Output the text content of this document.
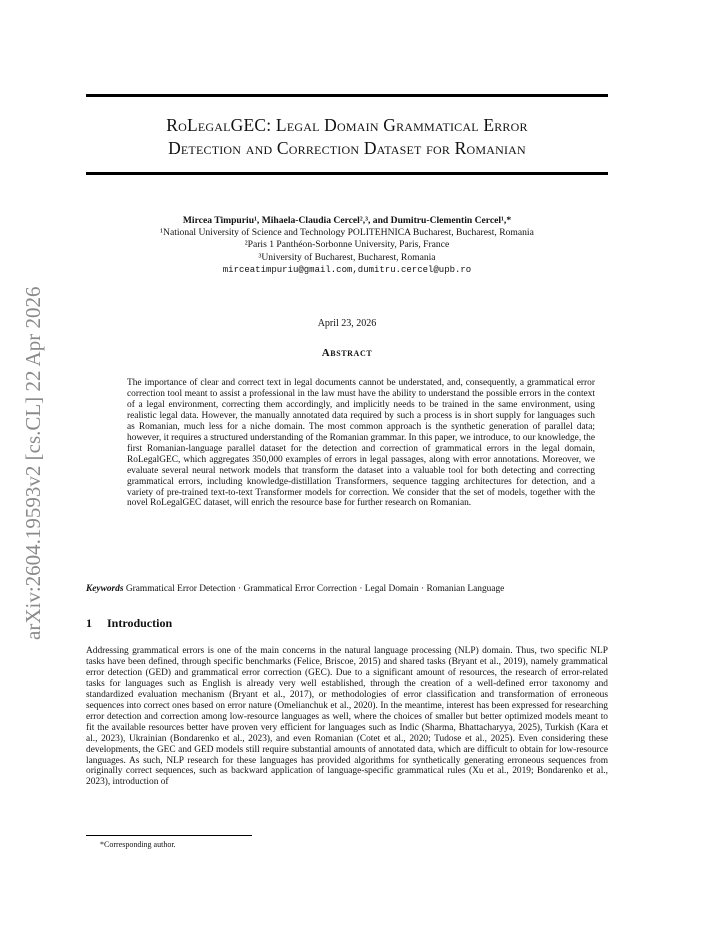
arXiv:2604.19593v2 [cs.CL] 22 Apr 2026
RoLegalGEC: Legal Domain Grammatical Error
Detection and Correction Dataset for Romanian
Mircea Timpuriu¹, Mihaela-Claudia Cercel²,³, and Dumitru-Clementin Cercel¹,*
¹National University of Science and Technology POLITEHNICA Bucharest, Bucharest, Romania
²Paris 1 Panthéon-Sorbonne University, Paris, France
³University of Bucharest, Bucharest, Romania
mirceatimpuriu@gmail.com,dumitru.cercel@upb.ro
April 23, 2026
Abstract
The importance of clear and correct text in legal documents cannot be understated, and, consequently, a grammatical error correction tool meant to assist a professional in the law must have the ability to understand the possible errors in the context of a legal environment, correcting them accordingly, and implicitly needs to be trained in the same environment, using realistic legal data. However, the manually annotated data required by such a process is in short supply for languages such as Romanian, much less for a niche domain. The most common approach is the synthetic generation of parallel data; however, it requires a structured understanding of the Romanian grammar. In this paper, we introduce, to our knowledge, the first Romanian-language parallel dataset for the detection and correction of grammatical errors in the legal domain, RoLegalGEC, which aggregates 350,000 examples of errors in legal passages, along with error annotations. Moreover, we evaluate several neural network models that transform the dataset into a valuable tool for both detecting and correcting grammatical errors, including knowledge-distillation Transformers, sequence tagging architectures for detection, and a variety of pre-trained text-to-text Transformer models for correction. We consider that the set of models, together with the novel RoLegalGEC dataset, will enrich the resource base for further research on Romanian.
Keywords Grammatical Error Detection · Grammatical Error Correction · Legal Domain · Romanian Language
1 Introduction
Addressing grammatical errors is one of the main concerns in the natural language processing (NLP) domain. Thus, two specific NLP tasks have been defined, through specific benchmarks (Felice, Briscoe, 2015) and shared tasks (Bryant et al., 2019), namely grammatical error detection (GED) and grammatical error correction (GEC). Due to a significant amount of resources, the research of error-related tasks for languages such as English is already very well established, through the creation of a well-defined error taxonomy and standardized evaluation mechanism (Bryant et al., 2017), or methodologies of error classification and transformation of erroneous sequences into correct ones based on error nature (Omelianchuk et al., 2020). In the meantime, interest has been expressed for researching error detection and correction among low-resource languages as well, where the choices of smaller but better optimized models meant to fit the available resources better have proven very efficient for languages such as Indic (Sharma, Bhattacharyya, 2025), Turkish (Kara et al., 2023), Ukrainian (Bondarenko et al., 2023), and even Romanian (Cotet et al., 2020; Tudose et al., 2025). Even considering these developments, the GEC and GED models still require substantial amounts of annotated data, which are difficult to obtain for low-resource languages. As such, NLP research for these languages has provided algorithms for synthetically generating erroneous sequences from originally correct sequences, such as backward application of language-specific grammatical rules (Xu et al., 2019; Bondarenko et al., 2023), introduction of
*Corresponding author.
